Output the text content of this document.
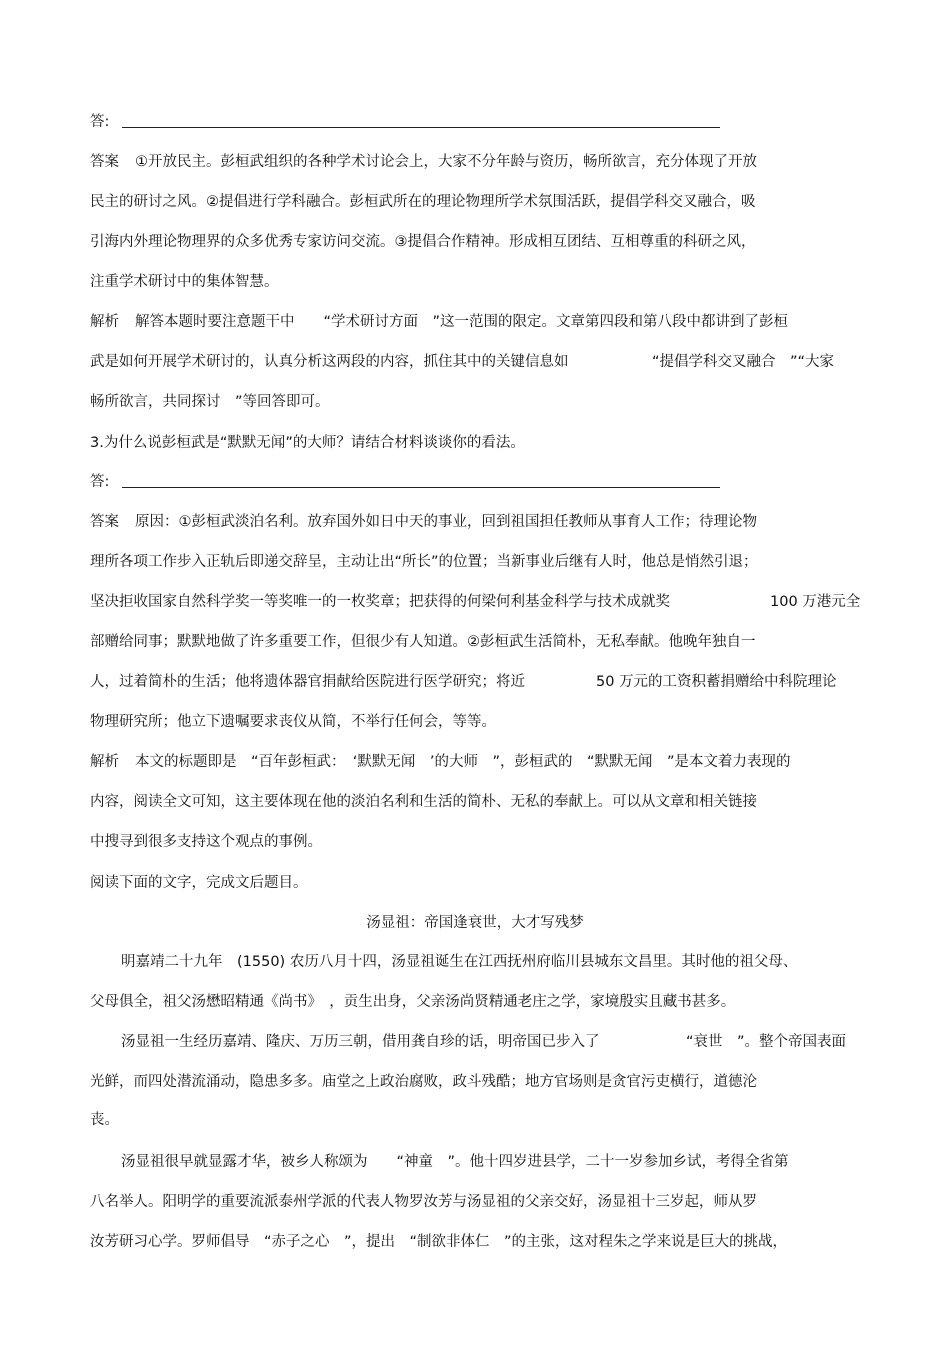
答:
答案 ①开放民主。彭桓武组织的各种学术讨论会上，大家不分年龄与资历，畅所欲言，充分体现了开放
民主的研讨之风。②提倡进行学科融合。彭桓武所在的理论物理所学术氛围活跃，提倡学科交叉融合，吸
引海内外理论物理界的众多优秀专家访问交流。③提倡合作精神。形成相互团结、互相尊重的科研之风，
注重学术研讨中的集体智慧。
解析 解答本题时要注意题干中　　“学术研讨方面　”这一范围的限定。文章第四段和第八段中都讲到了彭桓
武是如何开展学术研讨的，认真分析这两段的内容，抓住其中的关键信息如	“提倡学科交叉融合　”“大家
畅所欲言，共同探讨　”等回答即可。
3.为什么说彭桓武是“默默无闻”的大师？请结合材料谈谈你的看法。
答:
答案 原因：①彭桓武淡泊名利。放弃国外如日中天的事业，回到祖国担任教师从事育人工作；待理论物
理所各项工作步入正轨后即递交辞呈，主动让出“所长”的位置；当新事业后继有人时，他总是悄然引退；
坚决拒收国家自然科学奖一等奖唯一的一枚奖章；把获得的何梁何利基金科学与技术成就奖	100 万港元全
部赠给同事；默默地做了许多重要工作，但很少有人知道。②彭桓武生活简朴，无私奉献。他晚年独自一
人，过着简朴的生活；他将遗体器官捐献给医院进行医学研究；将近	50 万元的工资积蓄捐赠给中科院理论
物理研究所；他立下遗嘱要求丧仪从简，不举行任何会，等等。
解析 本文的标题即是　“百年彭桓武：　‘默默无闻　’的大师　”，彭桓武的　“默默无闻　”是本文着力表现的
内容，阅读全文可知，这主要体现在他的淡泊名利和生活的简朴、无私的奉献上。可以从文章和相关链接
中搜寻到很多支持这个观点的事例。
阅读下面的文字，完成文后题目。
汤显祖：帝国逢衰世，大才写残梦
明嘉靖二十九年　(1550) 农历八月十四，汤显祖诞生在江西抚州府临川县城东文昌里。其时他的祖父母、
父母俱全，祖父汤懋昭精通《尚书》　，贡生出身，父亲汤尚贤精通老庄之学，家境殷实且藏书甚多。
汤显祖一生经历嘉靖、隆庆、万历三朝，借用龚自珍的话，明帝国已步入了	“衰世　”。整个帝国表面
光鲜，而四处潜流涌动，隐患多多。庙堂之上政治腐败，政斗残酷；地方官场则是贪官污吏横行，道德沦
丧。
汤显祖很早就显露才华，被乡人称颂为　　“神童　”。他十四岁进县学，二十一岁参加乡试，考得全省第
八名举人。阳明学的重要流派泰州学派的代表人物罗汝芳与汤显祖的父亲交好，汤显祖十三岁起，师从罗
汝芳研习心学。罗师倡导　“赤子之心　”，提出　“制欲非体仁　”的主张，这对程朱之学来说是巨大的挑战，
